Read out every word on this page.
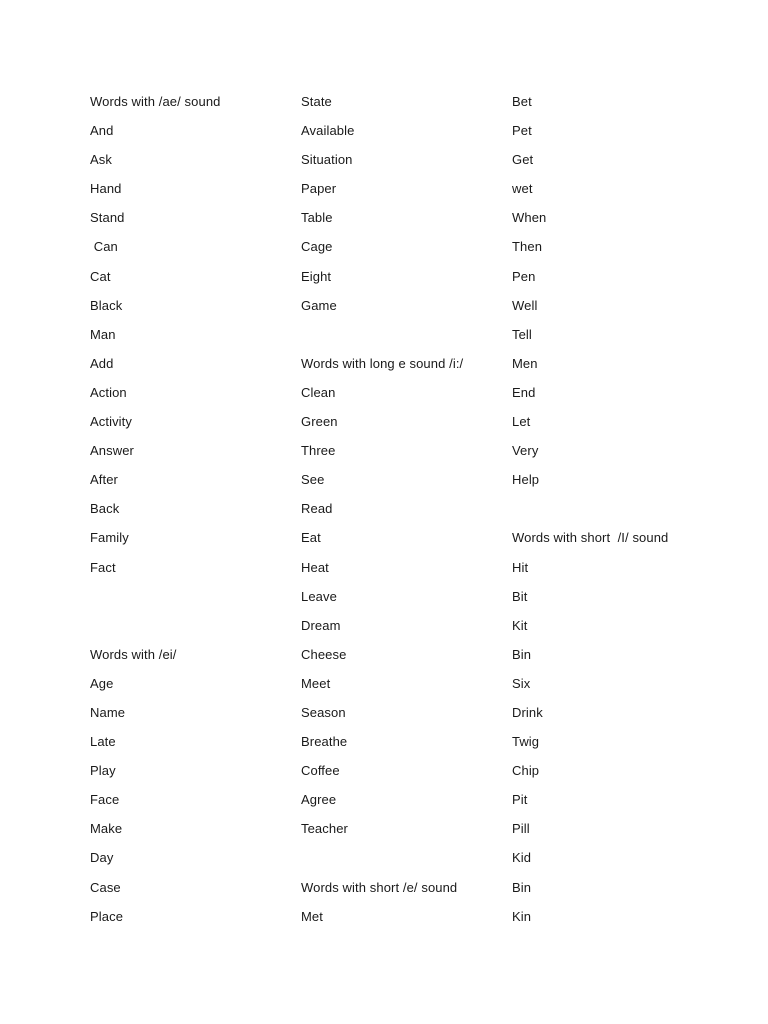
Words with /ae/ sound
And
Ask
Hand
Stand
Can
Cat
Black
Man
Add
Action
Activity
Answer
After
Back
Family
Fact
Words with /ei/
Age
Name
Late
Play
Face
Make
Day
Case
Place
State
Available
Situation
Paper
Table
Cage
Eight
Game
Words with long e sound /i:/
Clean
Green
Three
See
Read
Eat
Heat
Leave
Dream
Cheese
Meet
Season
Breathe
Coffee
Agree
Teacher
Words with short /e/ sound
Met
Bet
Pet
Get
wet
When
Then
Pen
Well
Tell
Men
End
Let
Very
Help
Words with short  /I/ sound
Hit
Bit
Kit
Bin
Six
Drink
Twig
Chip
Pit
Pill
Kid
Bin
Kin
